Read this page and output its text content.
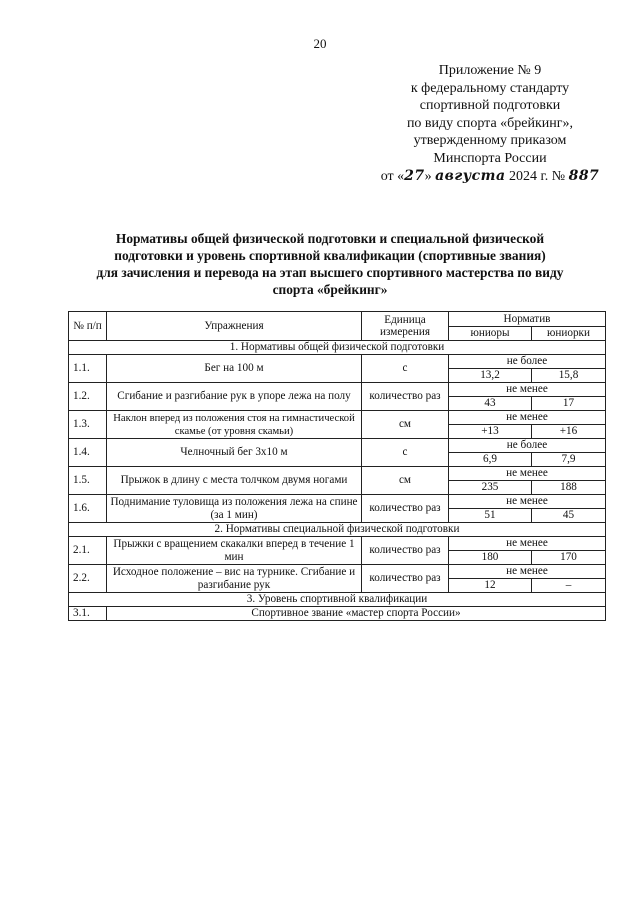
20
Приложение № 9
к федеральному стандарту
спортивной подготовки
по виду спорта «брейкинг»,
утвержденному приказом
Минспорта России
от «27» августа 2024 г. № 887
Нормативы общей физической подготовки и специальной физической
подготовки и уровень спортивной квалификации (спортивные звания)
для зачисления и перевода на этап высшего спортивного мастерства по виду
спорта «брейкинг»
№ п/п	Упражнения	Единица измерения	Норматив	
			юниоры	юниорки
1. Нормативы общей физической подготовки				
1.1.	Бег на 100 м	с	не более	
			13,2	15,8
1.2.	Сгибание и разгибание рук в упоре лежа на полу	количество раз	не менее	
			43	17
1.3.	Наклон вперед из положения стоя на гимнастической скамье (от уровня скамьи)	см	не менее	
			+13	+16
1.4.	Челночный бег 3х10 м	с	не более	
			6,9	7,9
1.5.	Прыжок в длину с места толчком двумя ногами	см	не менее	
			235	188
1.6.	Поднимание туловища из положения лежа на спине (за 1 мин)	количество раз	не менее	
			51	45
2. Нормативы специальной физической подготовки				
2.1.	Прыжки с вращением скакалки вперед в течение 1 мин	количество раз	не менее	
			180	170
2.2.	Исходное положение – вис на турнике. Сгибание и разгибание рук	количество раз	не менее	
			12	–
3. Уровень спортивной квалификации				
3.1.	Спортивное звание «мастер спорта России»			
